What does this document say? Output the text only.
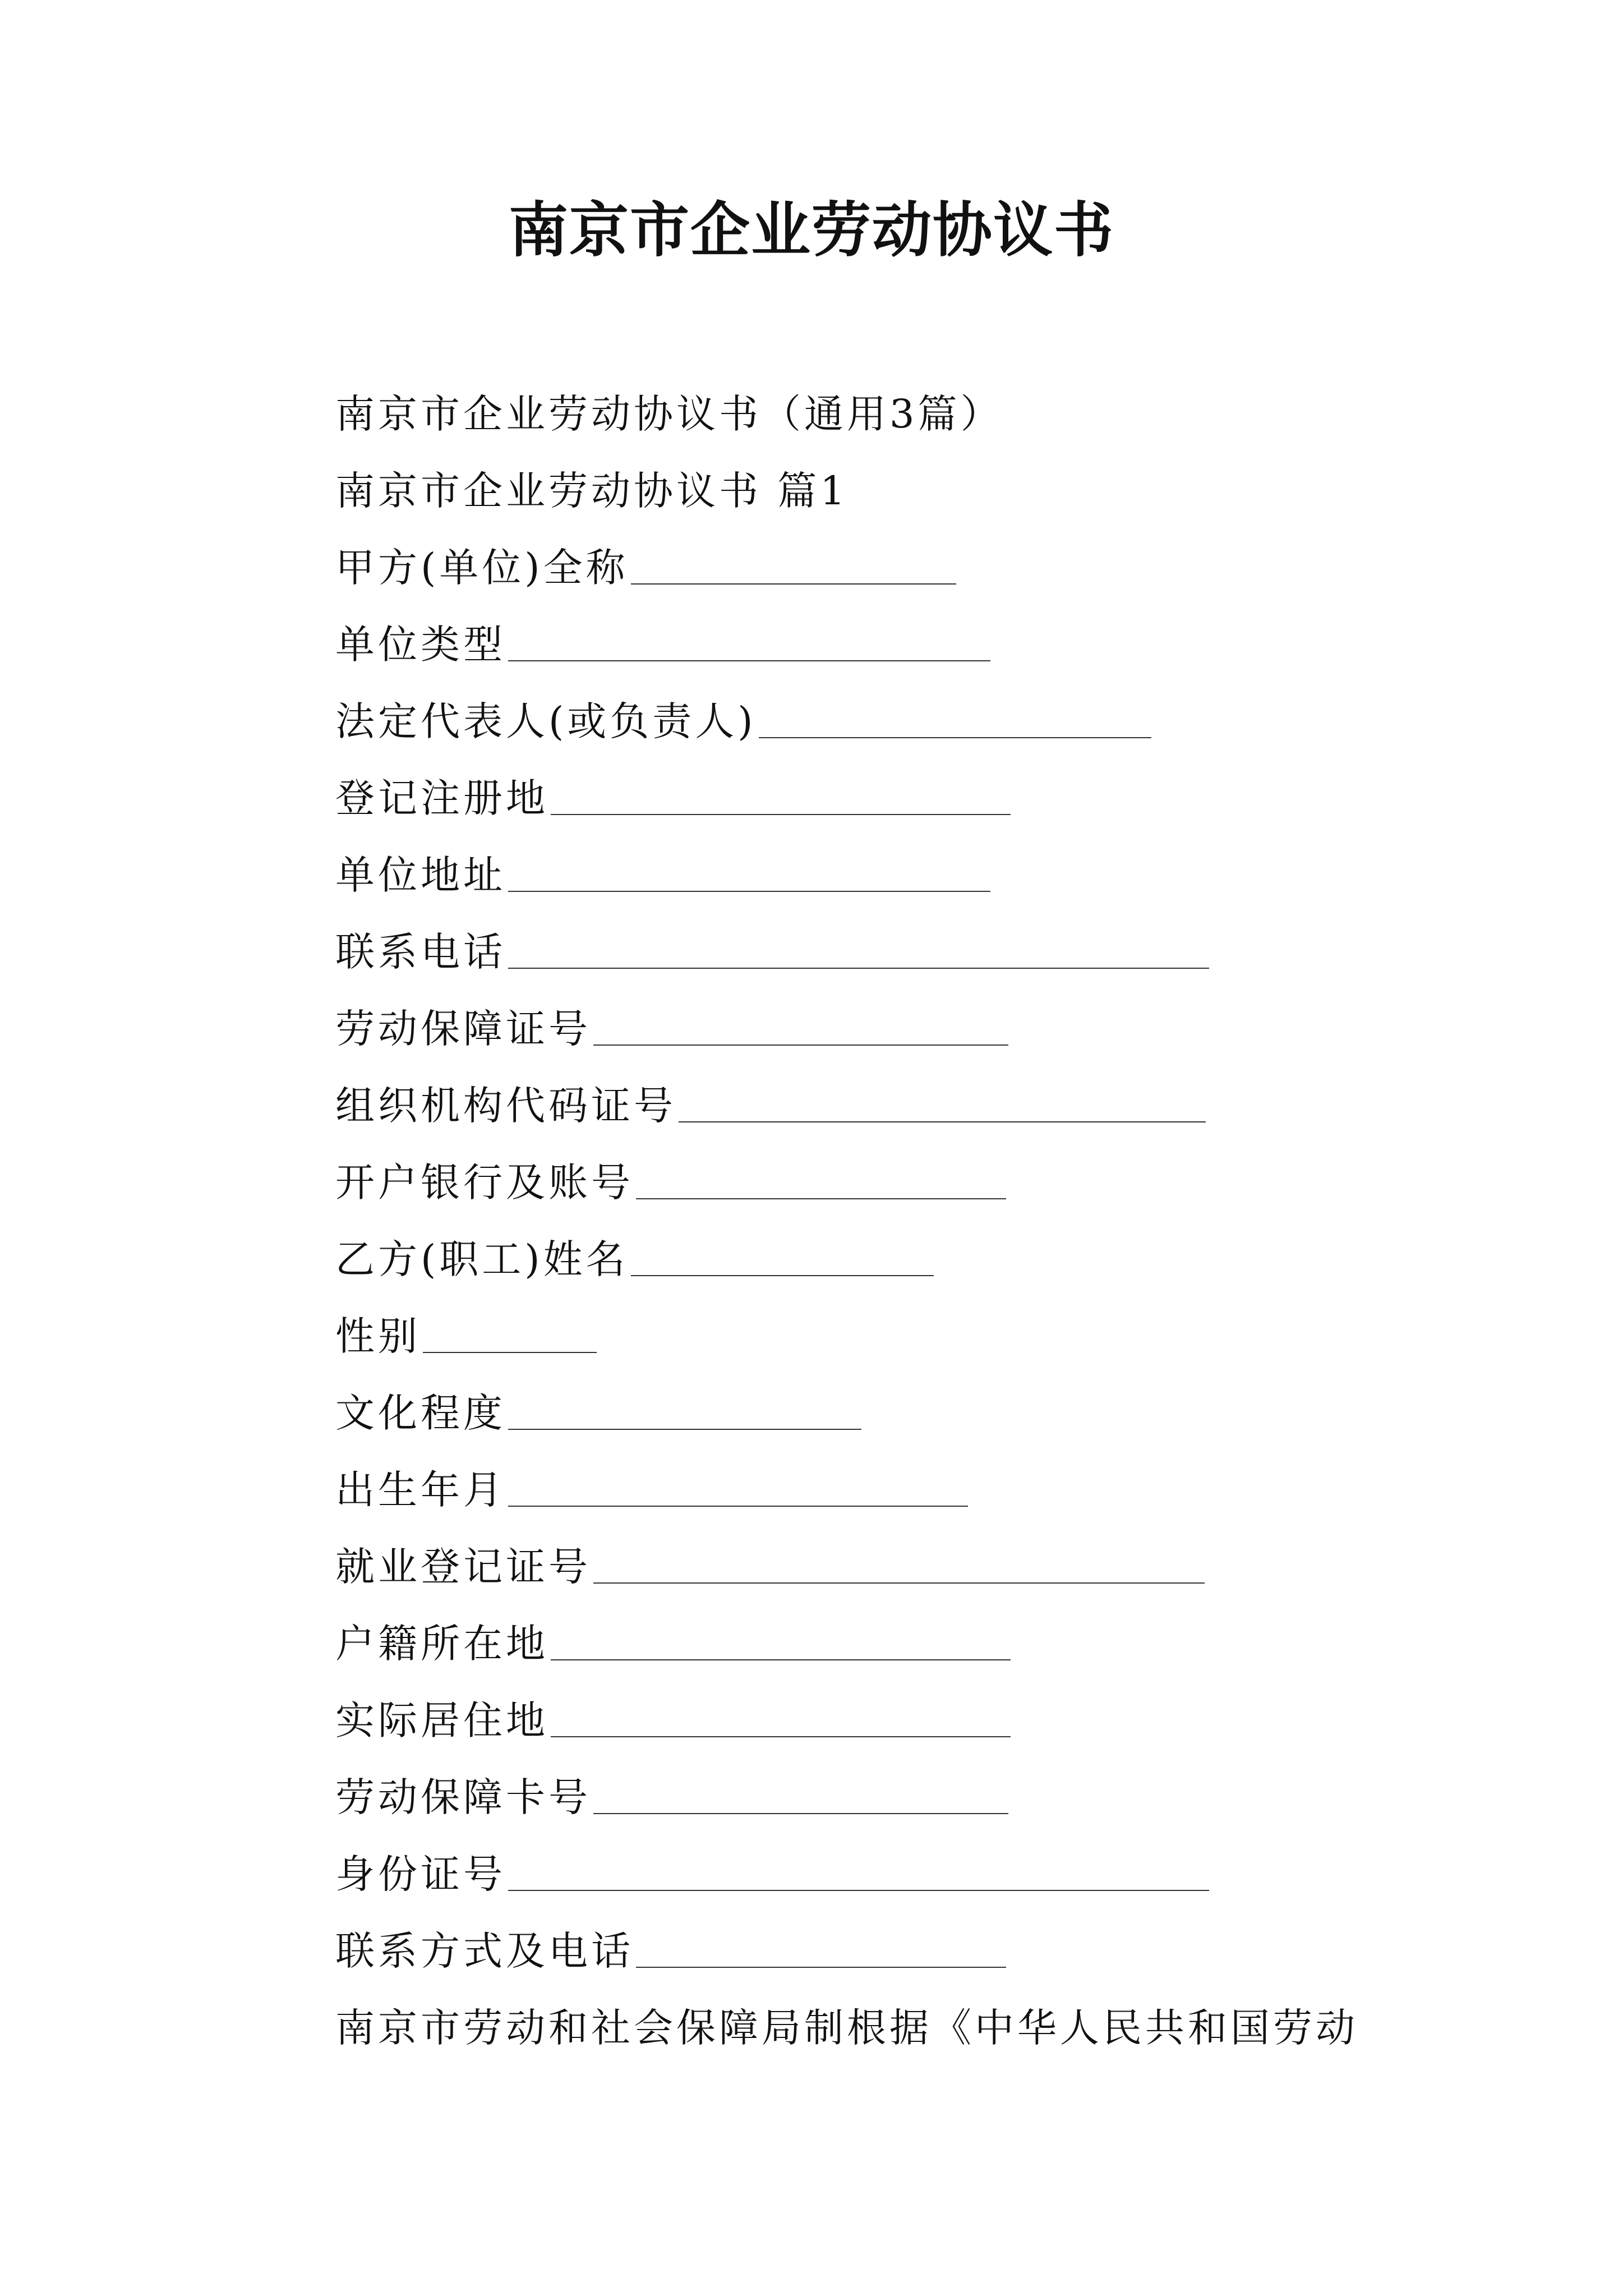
南京市企业劳动协议书
南京市企业劳动协议书（通用3篇）
南京市企业劳动协议书 篇1
甲方(单位)全称
单位类型
法定代表人(或负责人)
登记注册地
单位地址
联系电话
劳动保障证号
组织机构代码证号
开户银行及账号
乙方(职工)姓名
性别
文化程度
出生年月
就业登记证号
户籍所在地
实际居住地
劳动保障卡号
身份证号
联系方式及电话
南京市劳动和社会保障局制根据《中华人民共和国劳动
